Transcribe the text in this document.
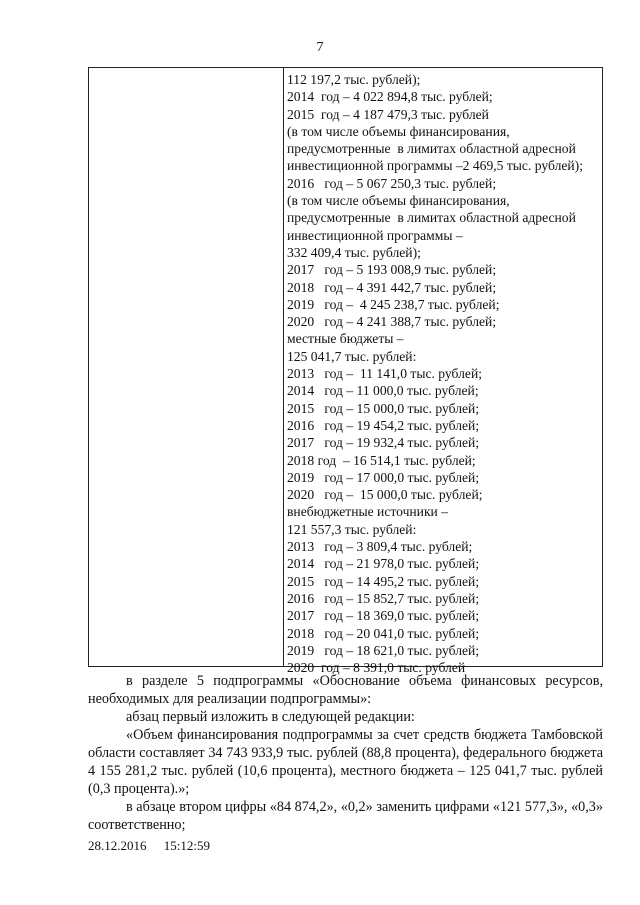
7
112 197,2 тыс. рублей);
2014  год – 4 022 894,8 тыс. рублей;
2015  год – 4 187 479,3 тыс. рублей
(в том числе объемы финансирования,
предусмотренные  в лимитах областной адресной
инвестиционной программы –2 469,5 тыс. рублей);
2016   год – 5 067 250,3 тыс. рублей;
(в том числе объемы финансирования,
предусмотренные  в лимитах областной адресной
инвестиционной программы –
332 409,4 тыс. рублей);
2017   год – 5 193 008,9 тыс. рублей;
2018   год – 4 391 442,7 тыс. рублей;
2019   год –  4 245 238,7 тыс. рублей;
2020   год – 4 241 388,7 тыс. рублей;
местные бюджеты –
125 041,7 тыс. рублей:
2013   год –  11 141,0 тыс. рублей;
2014   год – 11 000,0 тыс. рублей;
2015   год – 15 000,0 тыс. рублей;
2016   год – 19 454,2 тыс. рублей;
2017   год – 19 932,4 тыс. рублей;
2018 год  – 16 514,1 тыс. рублей;
2019   год – 17 000,0 тыс. рублей;
2020   год –  15 000,0 тыс. рублей;
внебюджетные источники –
121 557,3 тыс. рублей:
2013   год – 3 809,4 тыс. рублей;
2014   год – 21 978,0 тыс. рублей;
2015   год – 14 495,2 тыс. рублей;
2016   год – 15 852,7 тыс. рублей;
2017   год – 18 369,0 тыс. рублей;
2018   год – 20 041,0 тыс. рублей;
2019   год – 18 621,0 тыс. рублей;
2020  год – 8 391,0 тыс. рублей

в разделе 5 подпрограммы «Обоснование объема финансовых ресурсов, необходимых для реализации подпрограммы»:

абзац первый изложить в следующей редакции:

«Объем финансирования подпрограммы за счет средств бюджета Тамбовской области составляет 34 743 933,9 тыс. рублей (88,8 процента), федерального бюджета 4 155 281,2 тыс. рублей (10,6 процента), местного бюджета – 125 041,7 тыс. рублей (0,3 процента).»;

в абзаце втором цифры «84 874,2», «0,2» заменить цифрами «121 577,3», «0,3» соответственно;

28.12.2016 15:12:59
